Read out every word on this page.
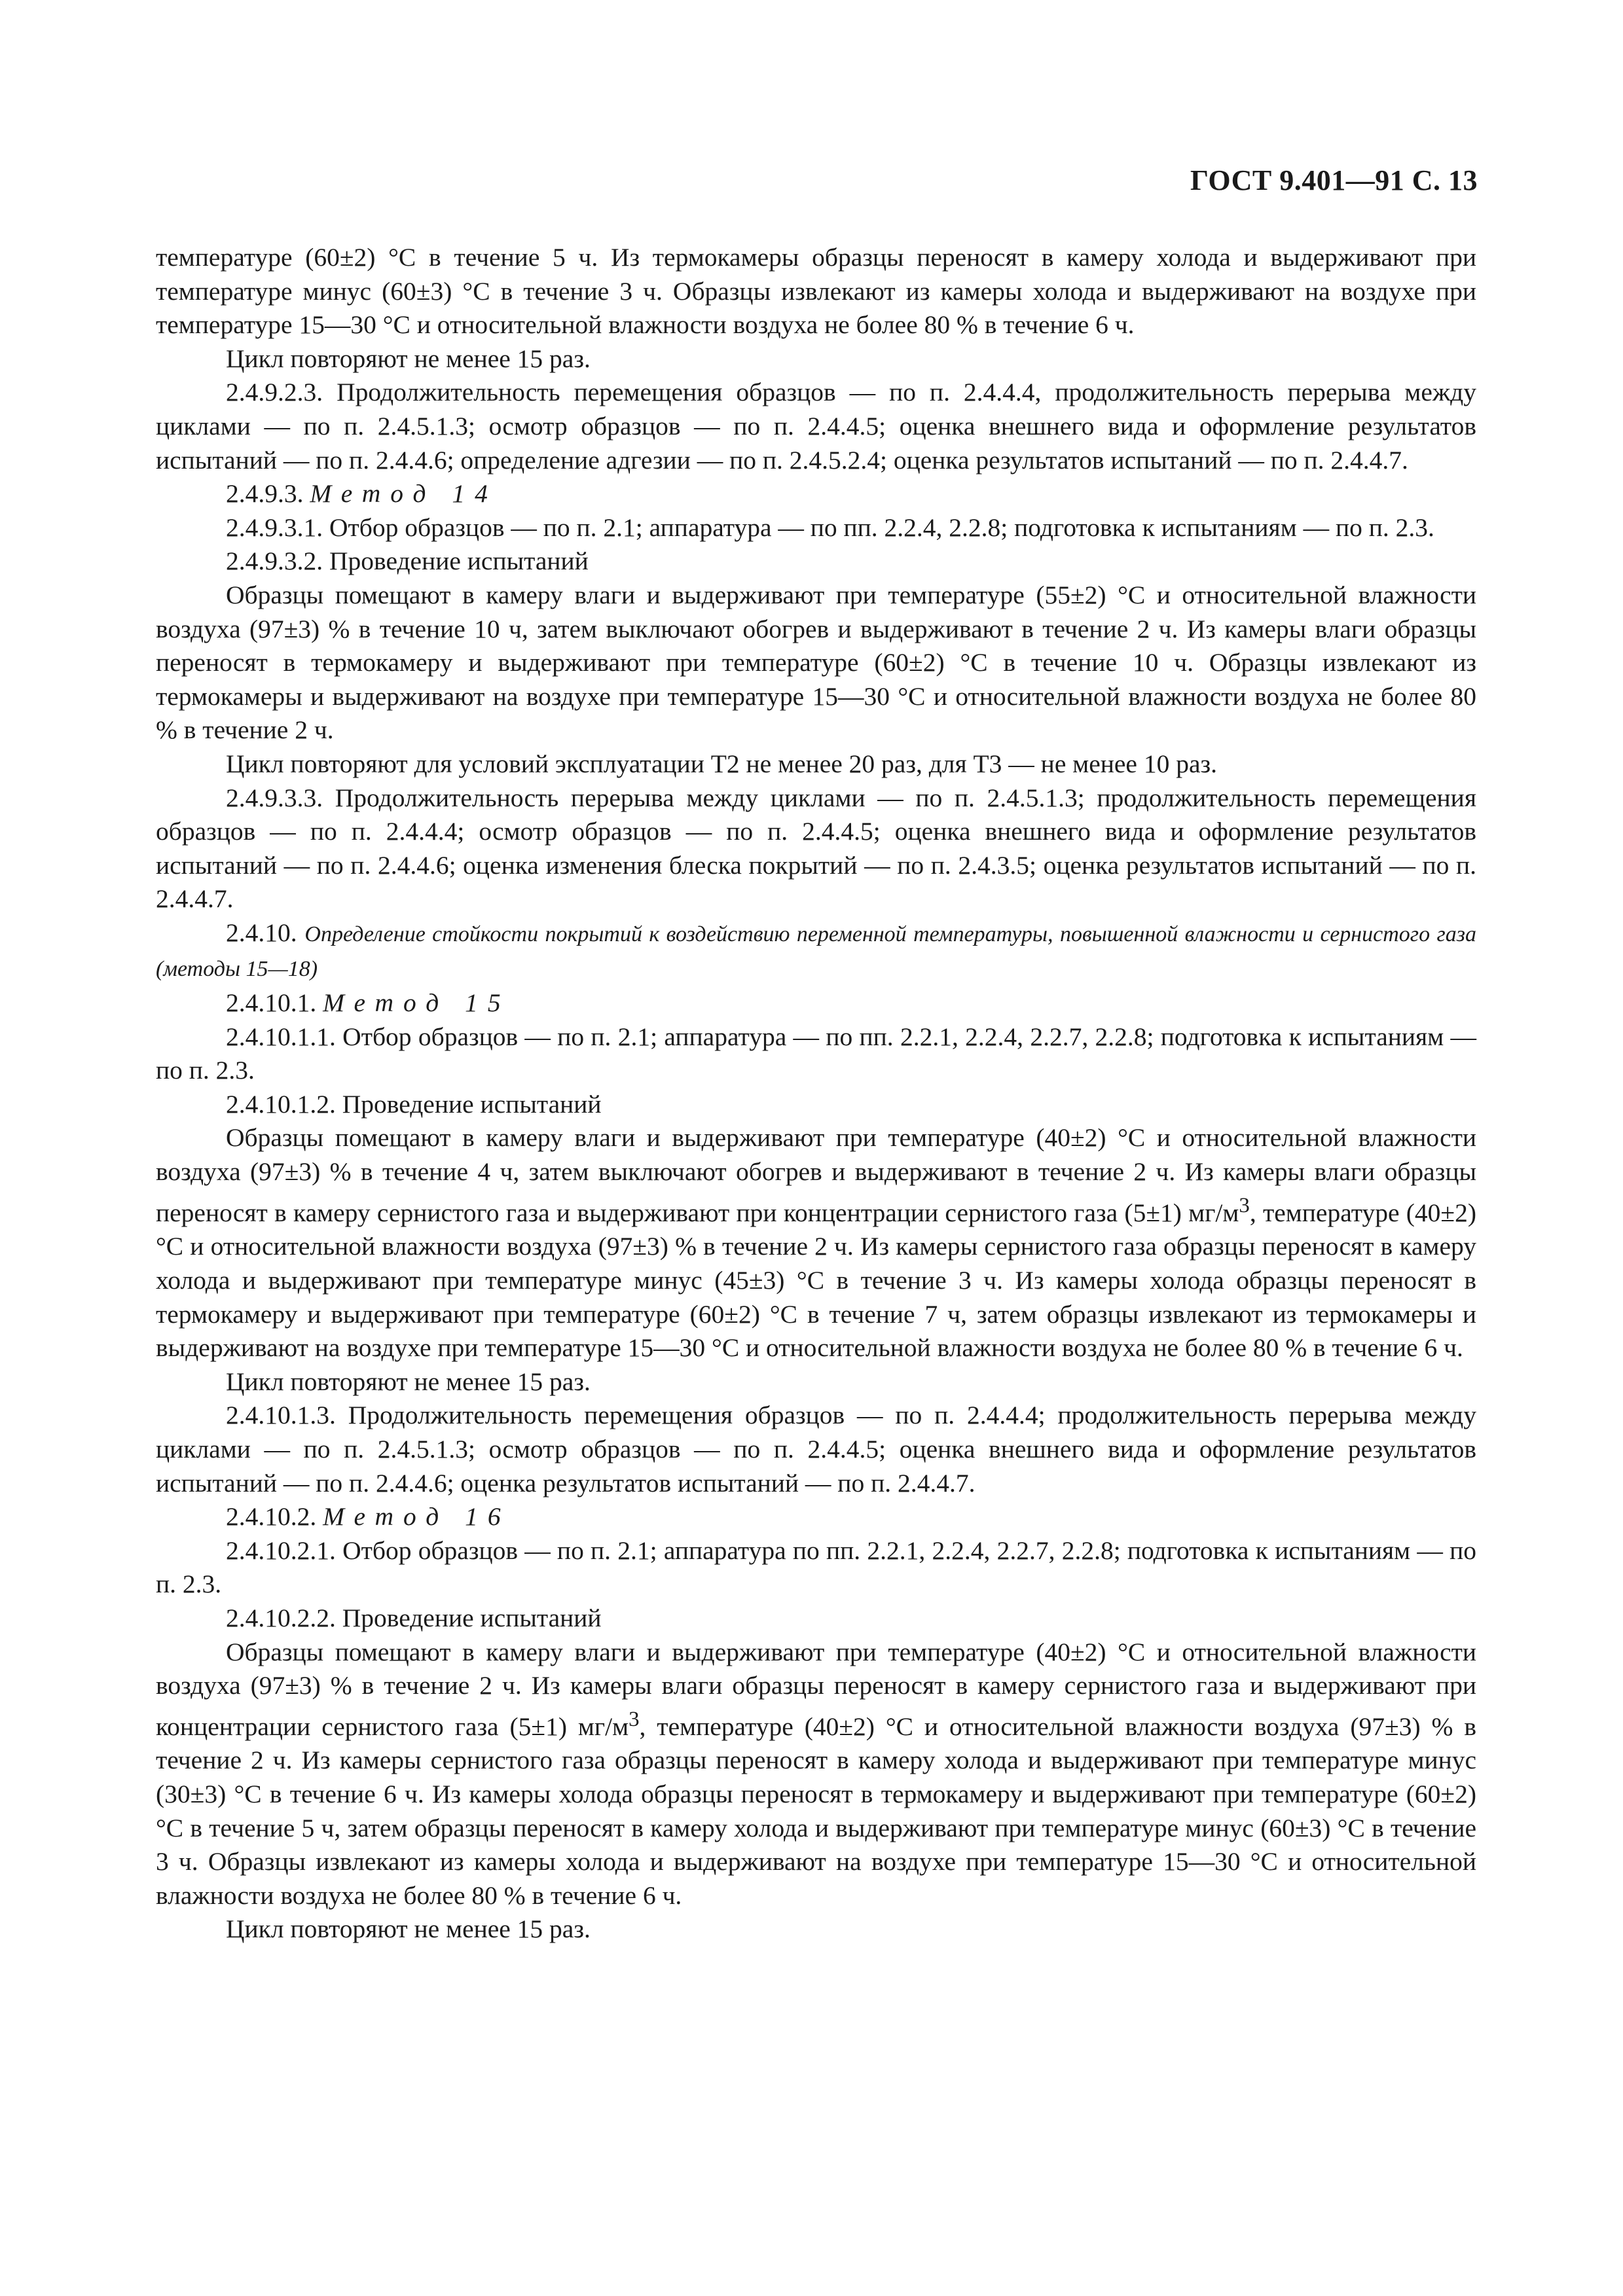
ГОСТ 9.401—91 С. 13

температуре (60±2) °С в течение 5 ч. Из термокамеры образцы переносят в камеру холода и выдерживают при температуре минус (60±3) °С в течение 3 ч. Образцы извлекают из камеры холода и выдерживают на воздухе при температуре 15—30 °С и относительной влажности воздуха не более 80 % в течение 6 ч.

Цикл повторяют не менее 15 раз.

2.4.9.2.3. Продолжительность перемещения образцов — по п. 2.4.4.4, продолжительность перерыва между циклами — по п. 2.4.5.1.3; осмотр образцов — по п. 2.4.4.5; оценка внешнего вида и оформление результатов испытаний — по п. 2.4.4.6; определение адгезии — по п. 2.4.5.2.4; оценка результатов испытаний — по п. 2.4.4.7.

2.4.9.3. Метод 14

2.4.9.3.1. Отбор образцов — по п. 2.1; аппаратура — по пп. 2.2.4, 2.2.8; подготовка к испытаниям — по п. 2.3.

2.4.9.3.2. Проведение испытаний

Образцы помещают в камеру влаги и выдерживают при температуре (55±2) °С и относительной влажности воздуха (97±3) % в течение 10 ч, затем выключают обогрев и выдерживают в течение 2 ч. Из камеры влаги образцы переносят в термокамеру и выдерживают при температуре (60±2) °С в течение 10 ч. Образцы извлекают из термокамеры и выдерживают на воздухе при температуре 15—30 °С и относительной влажности воздуха не более 80 % в течение 2 ч.

Цикл повторяют для условий эксплуатации Т2 не менее 20 раз, для Т3 — не менее 10 раз.

2.4.9.3.3. Продолжительность перерыва между циклами — по п. 2.4.5.1.3; продолжительность перемещения образцов — по п. 2.4.4.4; осмотр образцов — по п. 2.4.4.5; оценка внешнего вида и оформление результатов испытаний — по п. 2.4.4.6; оценка изменения блеска покрытий — по п. 2.4.3.5; оценка результатов испытаний — по п. 2.4.4.7.

2.4.10. Определение стойкости покрытий к воздействию переменной температуры, повышенной влажности и сернистого газа (методы 15—18)

2.4.10.1. Метод 15

2.4.10.1.1. Отбор образцов — по п. 2.1; аппаратура — по пп. 2.2.1, 2.2.4, 2.2.7, 2.2.8; подготовка к испытаниям — по п. 2.3.

2.4.10.1.2. Проведение испытаний

Образцы помещают в камеру влаги и выдерживают при температуре (40±2) °С и относительной влажности воздуха (97±3) % в течение 4 ч, затем выключают обогрев и выдерживают в течение 2 ч. Из камеры влаги образцы переносят в камеру сернистого газа и выдерживают при концентрации сернистого газа (5±1) $мг/м^3$, температуре (40±2) °С и относительной влажности воздуха (97±3) % в течение 2 ч. Из камеры сернистого газа образцы переносят в камеру холода и выдерживают при температуре минус (45±3) °С в течение 3 ч. Из камеры холода образцы переносят в термокамеру и выдерживают при температуре (60±2) °С в течение 7 ч, затем образцы извлекают из термокамеры и выдерживают на воздухе при температуре 15—30 °С и относительной влажности воздуха не более 80 % в течение 6 ч.

Цикл повторяют не менее 15 раз.

2.4.10.1.3. Продолжительность перемещения образцов — по п. 2.4.4.4; продолжительность перерыва между циклами — по п. 2.4.5.1.3; осмотр образцов — по п. 2.4.4.5; оценка внешнего вида и оформление результатов испытаний — по п. 2.4.4.6; оценка результатов испытаний — по п. 2.4.4.7.

2.4.10.2. Метод 16

2.4.10.2.1. Отбор образцов — по п. 2.1; аппаратура по пп. 2.2.1, 2.2.4, 2.2.7, 2.2.8; подготовка к испытаниям — по п. 2.3.

2.4.10.2.2. Проведение испытаний

Образцы помещают в камеру влаги и выдерживают при температуре (40±2) °С и относительной влажности воздуха (97±3) % в течение 2 ч. Из камеры влаги образцы переносят в камеру сернистого газа и выдерживают при концентрации сернистого газа (5±1) $мг/м^3$, температуре (40±2) °С и относительной влажности воздуха (97±3) % в течение 2 ч. Из камеры сернистого газа образцы переносят в камеру холода и выдерживают при температуре минус (30±3) °С в течение 6 ч. Из камеры холода образцы переносят в термокамеру и выдерживают при температуре (60±2) °С в течение 5 ч, затем образцы переносят в камеру холода и выдерживают при температуре минус (60±3) °С в течение 3 ч. Образцы извлекают из камеры холода и выдерживают на воздухе при температуре 15—30 °С и относительной влажности воздуха не более 80 % в течение 6 ч.

Цикл повторяют не менее 15 раз.
